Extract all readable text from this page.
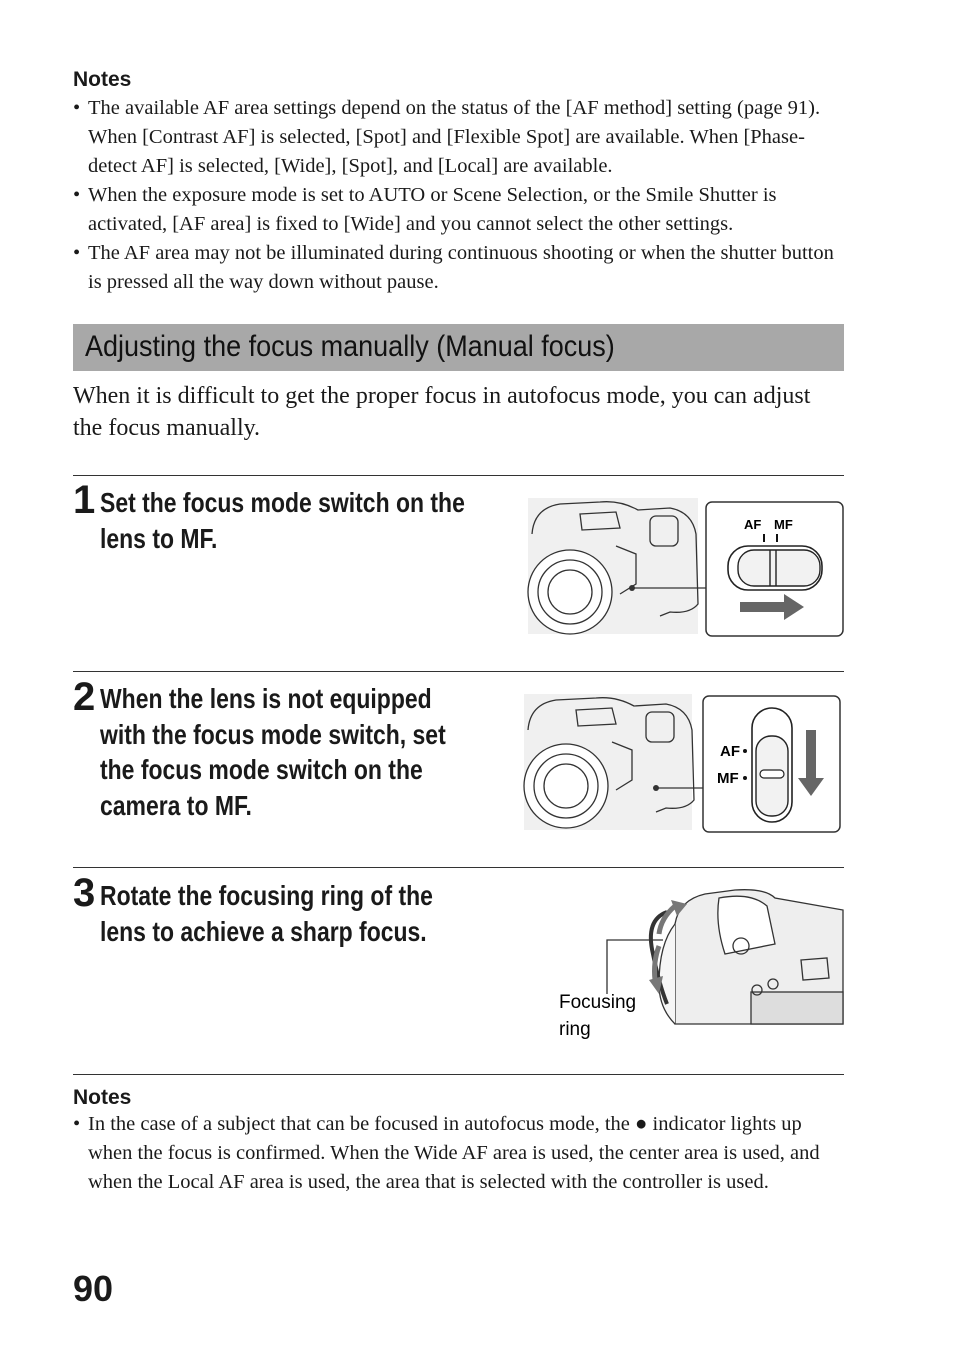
Notes
• The available AF area settings depend on the status of the [AF method] setting (page 91). When [Contrast AF] is selected, [Spot] and [Flexible Spot] are available. When [Phase-detect AF] is selected, [Wide], [Spot], and [Local] are available.
• When the exposure mode is set to AUTO or Scene Selection, or the Smile Shutter is activated, [AF area] is fixed to [Wide] and you cannot select the other settings.
• The AF area may not be illuminated during continuous shooting or when the shutter button is pressed all the way down without pause.
Adjusting the focus manually (Manual focus)
When it is difficult to get the proper focus in autofocus mode, you can adjust the focus manually.
1 Set the focus mode switch on the
lens to MF.	AF MF
2 When the lens is not equipped
with the focus mode switch, set
the focus mode switch on the
camera to MF.
AF
MF
3 Rotate the focusing ring of the
lens to achieve a sharp focus.
Focusing
ring
Notes
• In the case of a subject that can be focused in autofocus mode, the ● indicator lights up when the focus is confirmed. When the Wide AF area is used, the center area is used, and when the Local AF area is used, the area that is selected with the controller is used.
90
